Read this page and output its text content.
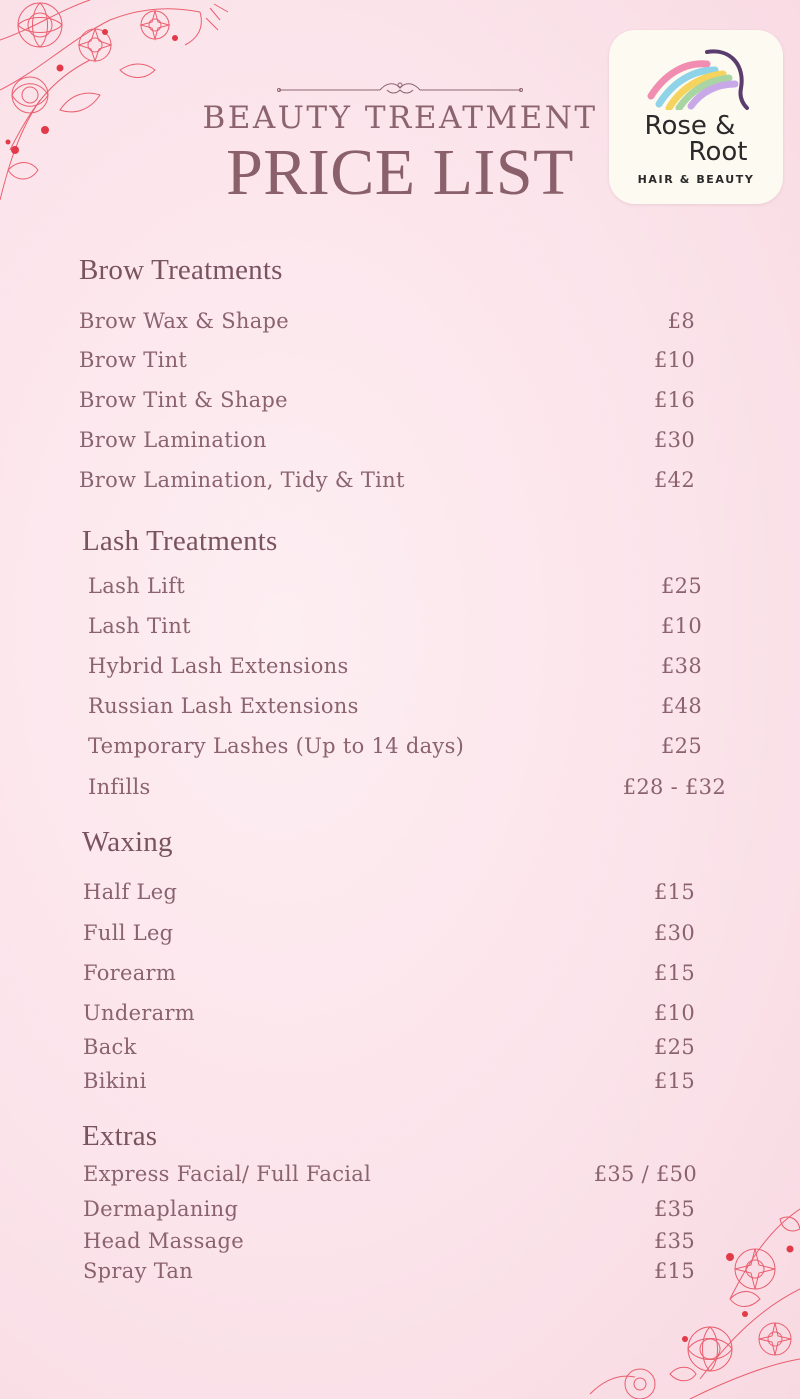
BEAUTY TREATMENT
PRICE LIST
Rose &
Root
HAIR & BEAUTY
Brow Treatments
Brow Wax & Shape	£8
Brow Tint	£10
Brow Tint & Shape	£16
Brow Lamination	£30
Brow Lamination, Tidy & Tint	£42
Lash Treatments
Lash Lift	£25
Lash Tint	£10
Hybrid Lash Extensions	£38
Russian Lash Extensions	£48
Temporary Lashes (Up to 14 days)	£25
Infills	£28 - £32
Waxing
Half Leg	£15
Full Leg	£30
Forearm	£15
Underarm	£10
Back	£25
Bikini	£15
Extras
Express Facial/ Full Facial	£35 / £50
Dermaplaning	£35
Head Massage	£35
Spray Tan	£15
